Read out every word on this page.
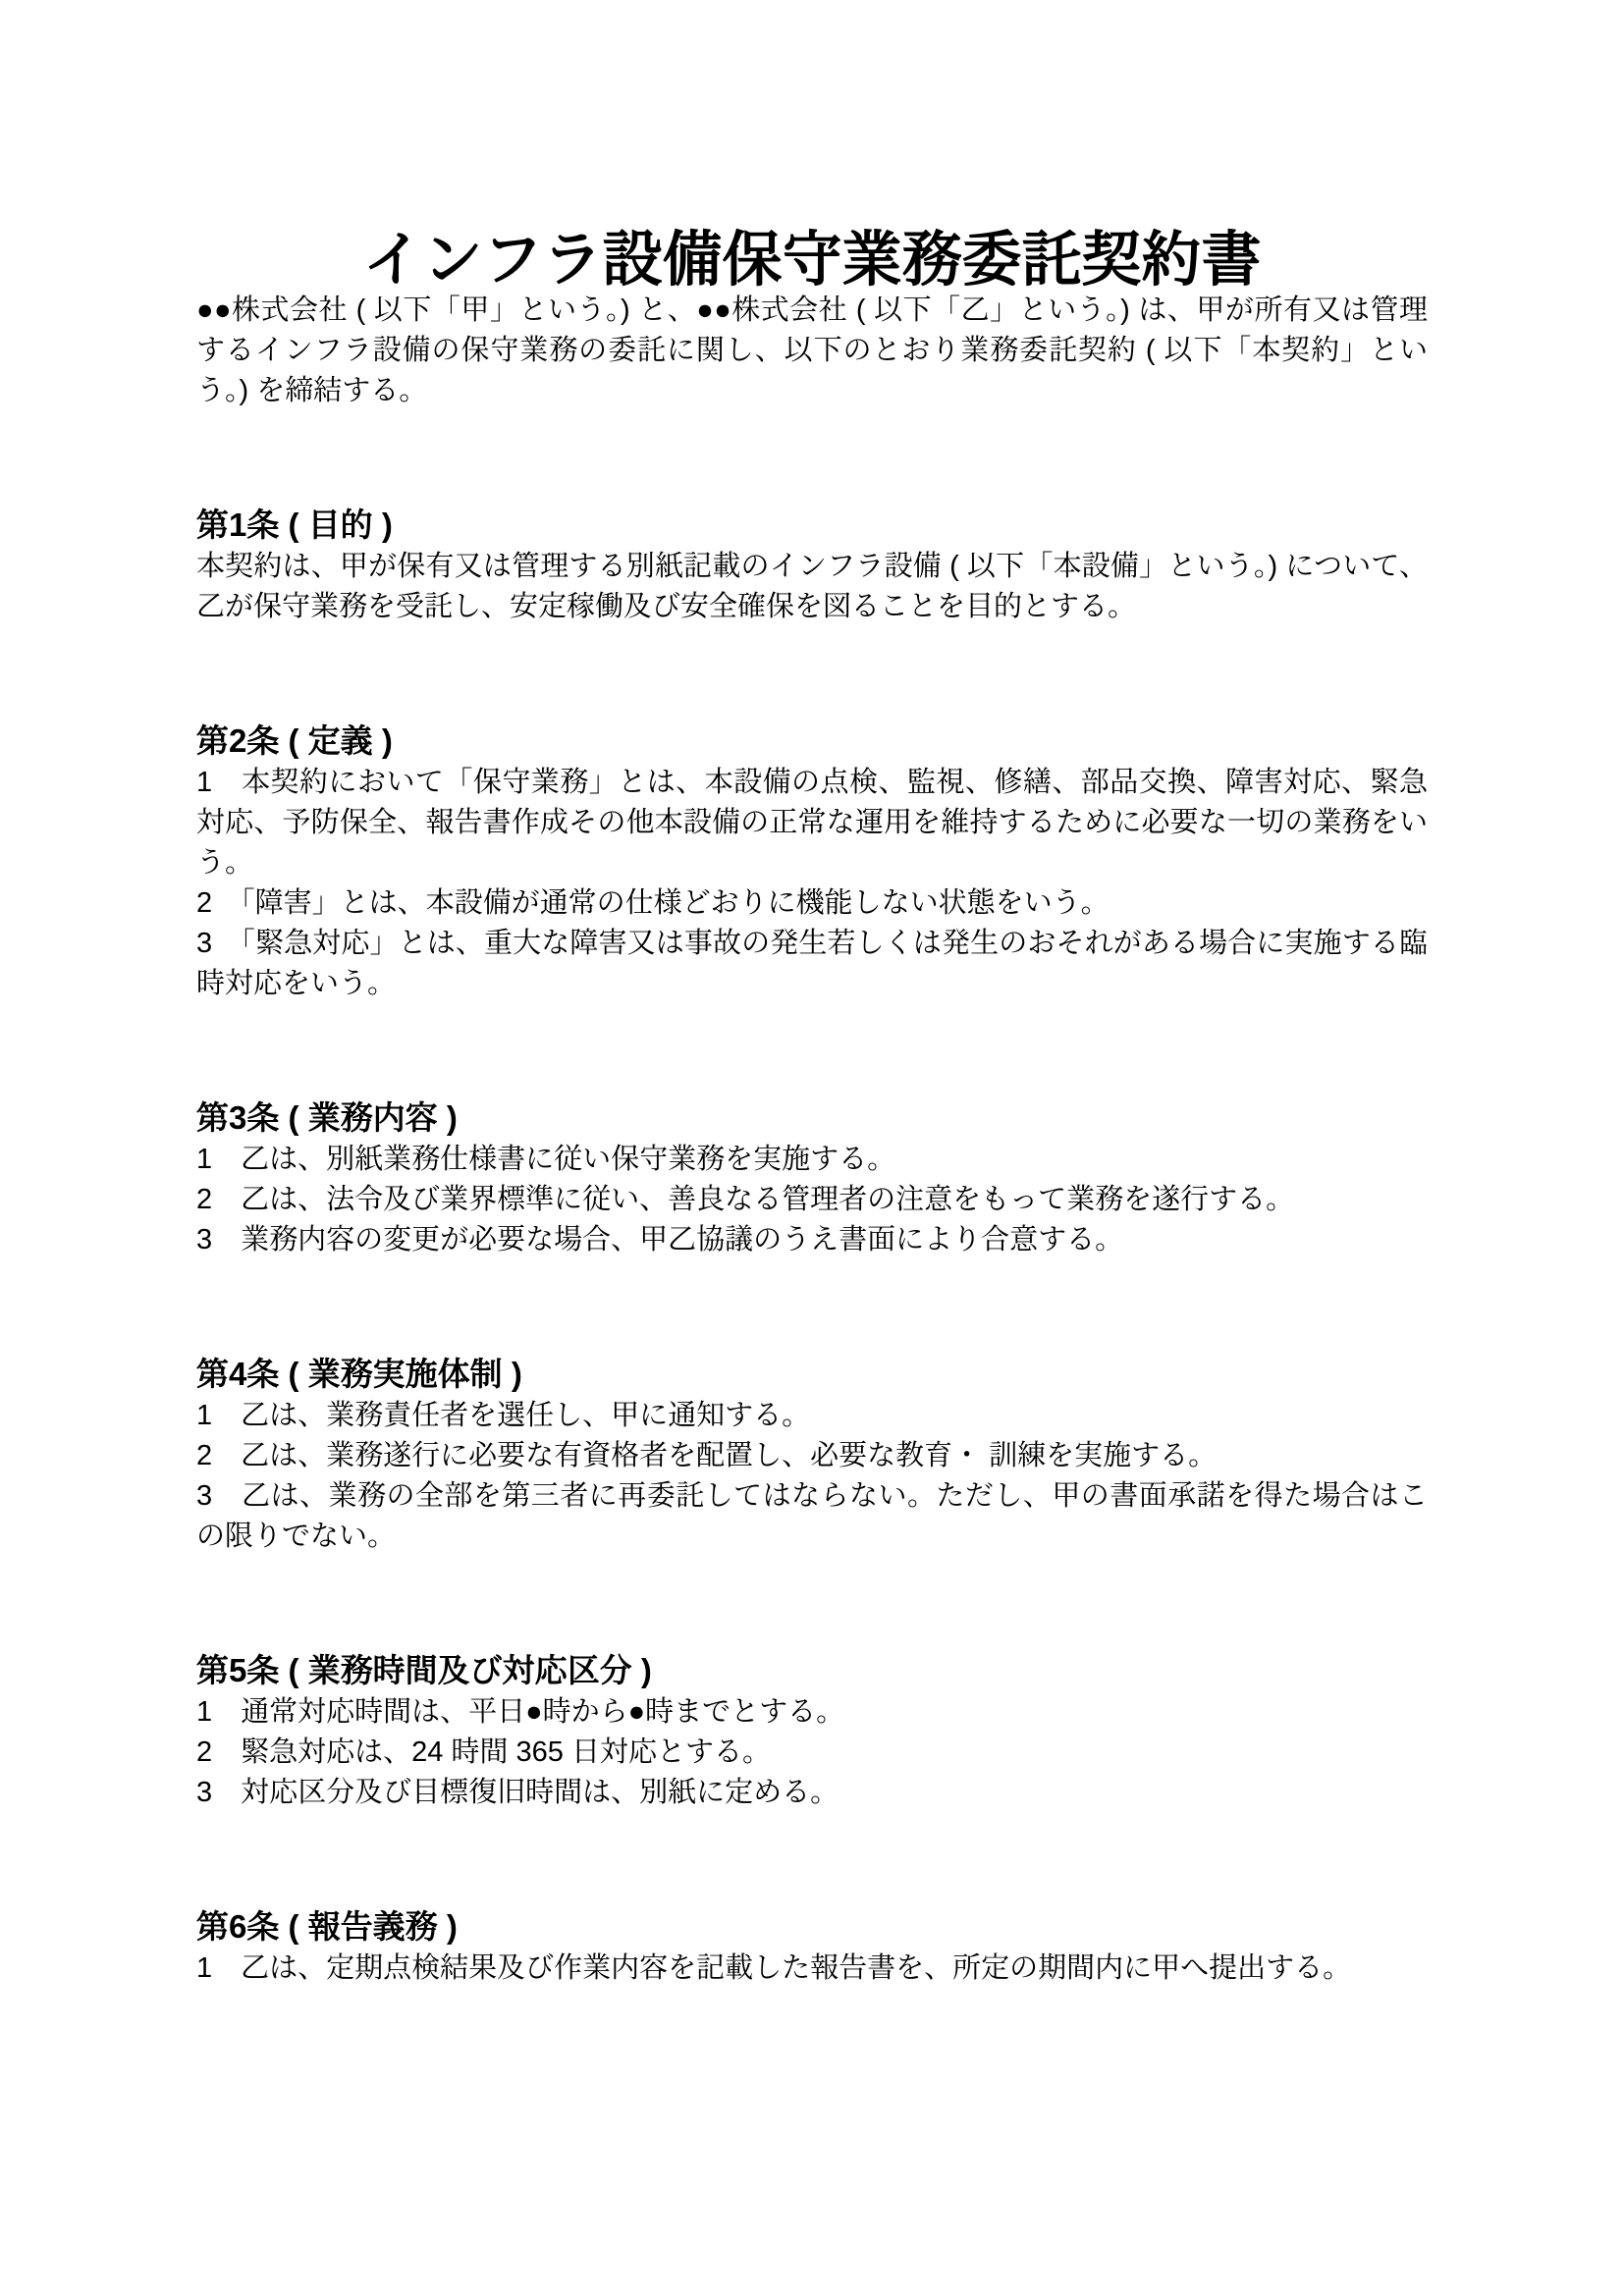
インフラ設備保守業務委託契約書

●●株式会社 ( 以下「甲」という。) と、●●株式会社 ( 以下「乙」という。) は、甲が所有又は管理するインフラ設備の保守業務の委託に関し、以下のとおり業務委託契約 ( 以下「本契約」という。) を締結する。

第1条 ( 目的 )

本契約は、甲が保有又は管理する別紙記載のインフラ設備 ( 以下「本設備」という。) について、乙が保守業務を受託し、安定稼働及び安全確保を図ることを目的とする。

第2条 ( 定義 )

1　本契約において「保守業務」とは、本設備の点検、監視、修繕、部品交換、障害対応、緊急対応、予防保全、報告書作成その他本設備の正常な運用を維持するために必要な一切の業務をいう。

2　「障害」とは、本設備が通常の仕様どおりに機能しない状態をいう。

3　「緊急対応」とは、重大な障害又は事故の発生若しくは発生のおそれがある場合に実施する臨時対応をいう。

第3条 ( 業務内容 )

1　乙は、別紙業務仕様書に従い保守業務を実施する。

2　乙は、法令及び業界標準に従い、善良なる管理者の注意をもって業務を遂行する。

3　業務内容の変更が必要な場合、甲乙協議のうえ書面により合意する。

第4条 ( 業務実施体制 )

1　乙は、業務責任者を選任し、甲に通知する。

2　乙は、業務遂行に必要な有資格者を配置し、必要な教育・ 訓練を実施する。

3　乙は、業務の全部を第三者に再委託してはならない。ただし、甲の書面承諾を得た場合はこの限りでない。

第5条 ( 業務時間及び対応区分 )

1　通常対応時間は、平日●時から●時までとする。

2　緊急対応は、24 時間 365 日対応とする。

3　対応区分及び目標復旧時間は、別紙に定める。

第6条 ( 報告義務 )

1　乙は、定期点検結果及び作業内容を記載した報告書を、所定の期間内に甲へ提出する。
